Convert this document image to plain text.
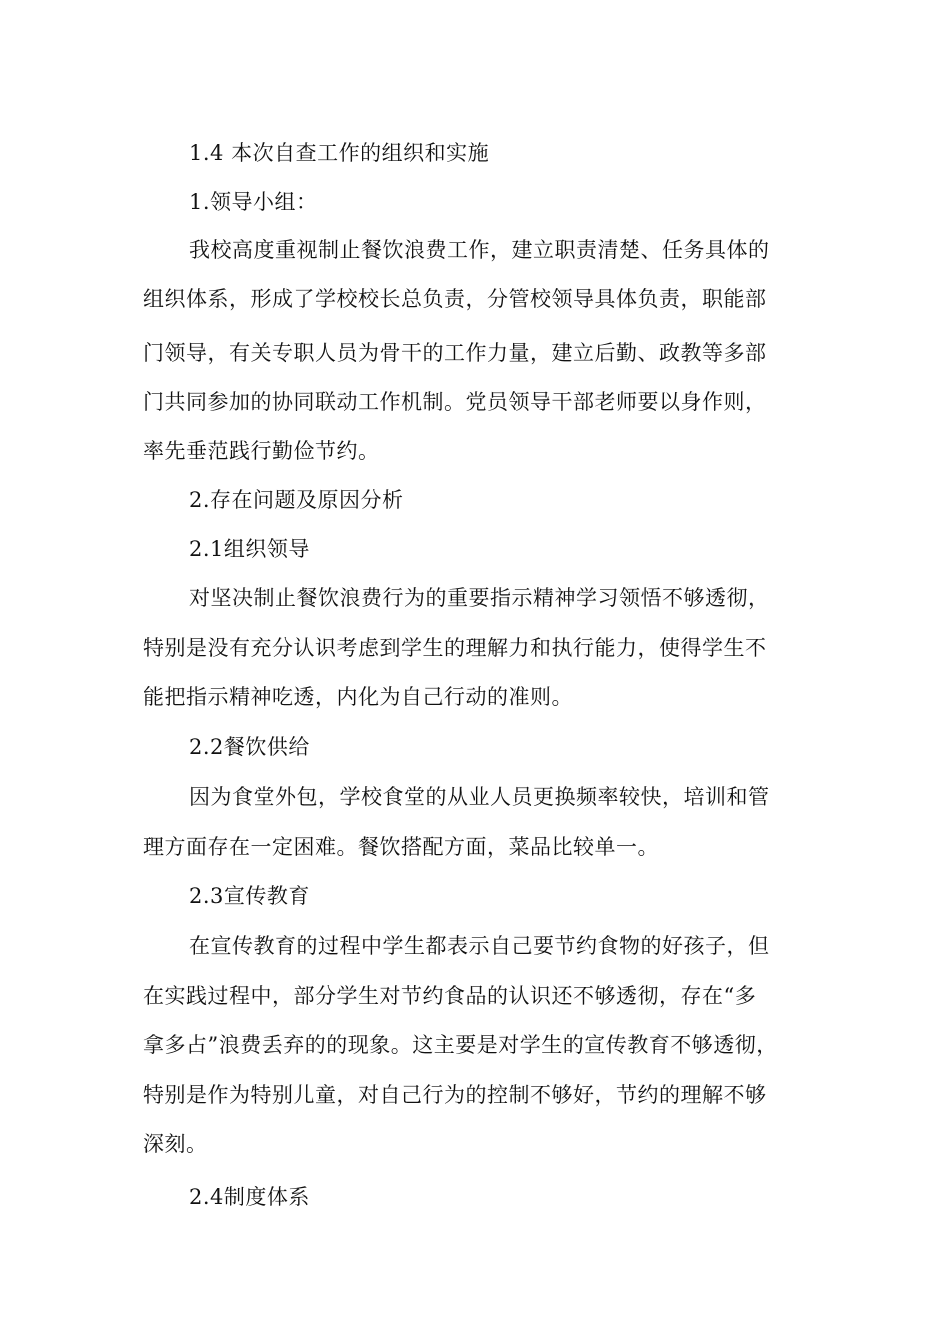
1.4 本次自查工作的组织和实施
1.领导小组：
我校高度重视制止餐饮浪费工作，建立职责清楚、任务具体的
组织体系，形成了学校校长总负责，分管校领导具体负责，职能部
门领导，有关专职人员为骨干的工作力量，建立后勤、政教等多部
门共同参加的协同联动工作机制。党员领导干部老师要以身作则，
率先垂范践行勤俭节约。
2.存在问题及原因分析
2.1组织领导
对坚决制止餐饮浪费行为的重要指示精神学习领悟不够透彻，
特别是没有充分认识考虑到学生的理解力和执行能力，使得学生不
能把指示精神吃透，内化为自己行动的准则。
2.2餐饮供给
因为食堂外包，学校食堂的从业人员更换频率较快，培训和管
理方面存在一定困难。餐饮搭配方面，菜品比较单一。
2.3宣传教育
在宣传教育的过程中学生都表示自己要节约食物的好孩子，但
在实践过程中，部分学生对节约食品的认识还不够透彻，存在“多
拿多占”浪费丢弃的的现象。这主要是对学生的宣传教育不够透彻，
特别是作为特别儿童，对自己行为的控制不够好，节约的理解不够
深刻。
2.4制度体系
